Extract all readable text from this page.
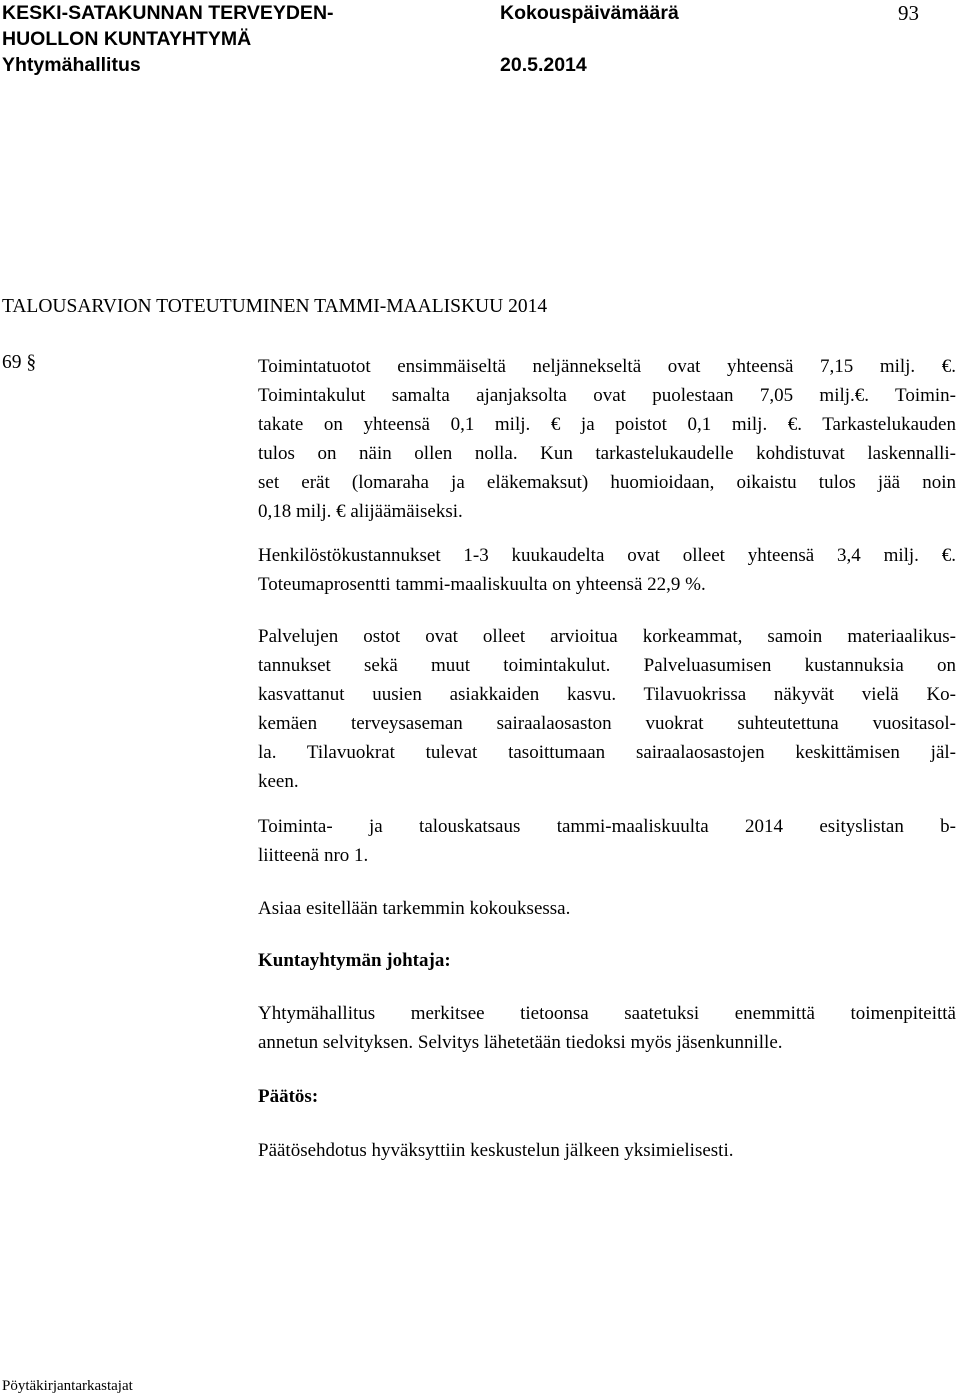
KESKI-SATAKUNNAN TERVEYDEN-
HUOLLON KUNTAYHTYMÄ
Yhtymähallitus
Kokouspäivämäärä
20.5.2014
93
TALOUSARVION TOTEUTUMINEN TAMMI-MAALISKUU 2014
69 §	Toimintatuotot ensimmäiseltä neljännekseltä ovat yhteensä 7,15 milj. €.
Toimintakulut samalta ajanjaksolta ovat puolestaan 7,05 milj.€. Toimin-
takate on yhteensä 0,1 milj. € ja poistot 0,1 milj. €. Tarkastelukauden
tulos on näin ollen nolla. Kun tarkastelukaudelle kohdistuvat laskennalli-
set erät (lomaraha ja eläkemaksut) huomioidaan, oikaistu tulos jää noin
0,18 milj. € alijäämäiseksi.
Henkilöstökustannukset 1-3 kuukaudelta ovat olleet yhteensä 3,4 milj. €.
Toteumaprosentti tammi-maaliskuulta on yhteensä 22,9 %.
Palvelujen ostot ovat olleet arvioitua korkeammat, samoin materiaalikus-
tannukset sekä muut toimintakulut. Palveluasumisen kustannuksia on
kasvattanut uusien asiakkaiden kasvu. Tilavuokrissa näkyvät vielä Ko-
kemäen terveysaseman sairaalaosaston vuokrat suhteutettuna vuositasol-
la. Tilavuokrat tulevat tasoittumaan sairaalaosastojen keskittämisen jäl-
keen.
Toiminta- ja talouskatsaus tammi-maaliskuulta 2014 esityslistan b-
liitteenä nro 1.
Asiaa esitellään tarkemmin kokouksessa.
Kuntayhtymän johtaja:
Yhtymähallitus merkitsee tietoonsa saatetuksi enemmittä toimenpiteittä
annetun selvityksen. Selvitys lähetetään tiedoksi myös jäsenkunnille.
Päätös:
Päätösehdotus hyväksyttiin keskustelun jälkeen yksimielisesti.
Pöytäkirjantarkastajat
